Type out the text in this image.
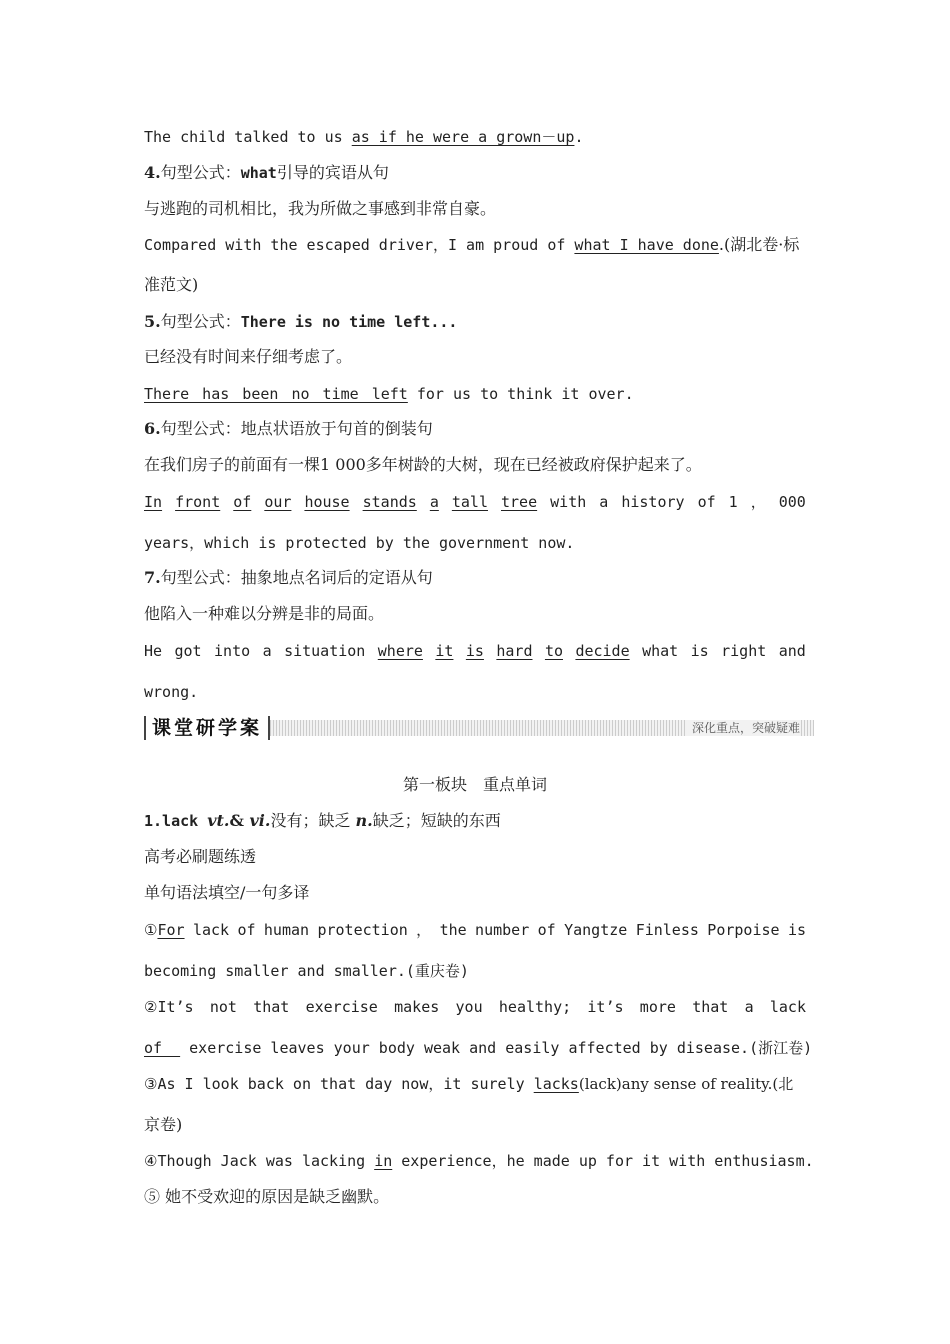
The child talked to us as if he were a grown－up.
4.句型公式：what引导的宾语从句
与逃跑的司机相比，我为所做之事感到非常自豪。
Compared with the escaped driver，I am proud of what I have done.(湖北卷·标
准范文)
5.句型公式：There is no time left...
已经没有时间来仔细考虑了。
There has been no time left for us to think it over.
6.句型公式：地点状语放于句首的倒装句
在我们房子的前面有一棵1 000多年树龄的大树，现在已经被政府保护起来了。
In front of our house stands a tall tree with a history of 1 ， 000
years，which is protected by the government now.
7.句型公式：抽象地点名词后的定语从句
他陷入一种难以分辨是非的局面。
He got into a situation where it is hard to decide what is right and
wrong.
课堂研学案	深化重点，突破疑难
第一板块　重点单词
1.lack vt.& vi.没有；缺乏 n.缺乏；短缺的东西
高考必刷题练透
单句语法填空/一句多译
①For lack of human protection ， the number of Yangtze Finless Porpoise is
becoming smaller and smaller.(重庆卷)
②It’s not that exercise makes you healthy; it’s more that a lack
of   exercise leaves your body weak and easily affected by disease.(浙江卷)
③As I look back on that day now，it surely lacks(lack)any sense of reality.(北
京卷)
④Though Jack was lacking in experience，he made up for it with enthusiasm.
⑤ 她不受欢迎的原因是缺乏幽默。
